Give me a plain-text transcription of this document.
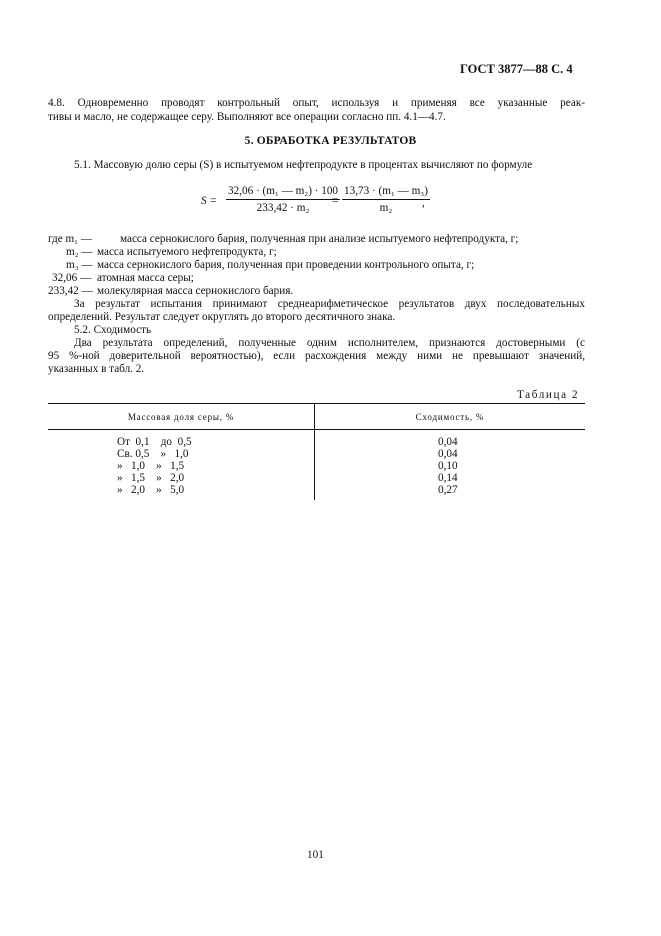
ГОСТ 3877—88 С. 4
4.8. Одновременно проводят контрольный опыт, используя и применяя все указанные реак-
тивы и масло, не содержащее серу. Выполняют все операции согласно пп. 4.1—4.7.
5. ОБРАБОТКА РЕЗУЛЬТАТОВ
5.1. Массовую долю серы (S) в испытуемом нефтепродукте в процентах вычисляют по формуле
$S = \frac{\text{32,06 · (m₁ — m₂) · 100}}{\text{233,42 · m₂}}$
= $\frac{\text{13,73 · (m₁ — m₃)}}{\text{m₂}}$
,
где m₁ — масса сернокислого бария, полученная при анализе испытуемого нефтепродукта, г;
m₂ — масса испытуемого нефтепродукта, г;
m₃ — масса сернокислого бария, полученная при проведении контрольного опыта, г;
32,06 — атомная масса серы;
233,42 — молекулярная масса сернокислого бария.
За результат испытания принимают среднеарифметическое результатов двух последовательных
определений. Результат следует округлять до второго десятичного знака.
5.2. Сходимость
Два результата определений, полученные одним исполнителем, признаются достоверными (с
95 %-ной доверительной вероятностью), если расхождения между ними не превышают значений,
указанных в табл. 2.
Таблица 2
Массовая доля серы, %	Сходимость, %
От  0,1    до  0,5	0,04
Св. 0,5    »   1,0	0,04
»   1,0    »   1,5	0,10
»   1,5    »   2,0	0,14
»   2,0    »   5,0	0,27
101
